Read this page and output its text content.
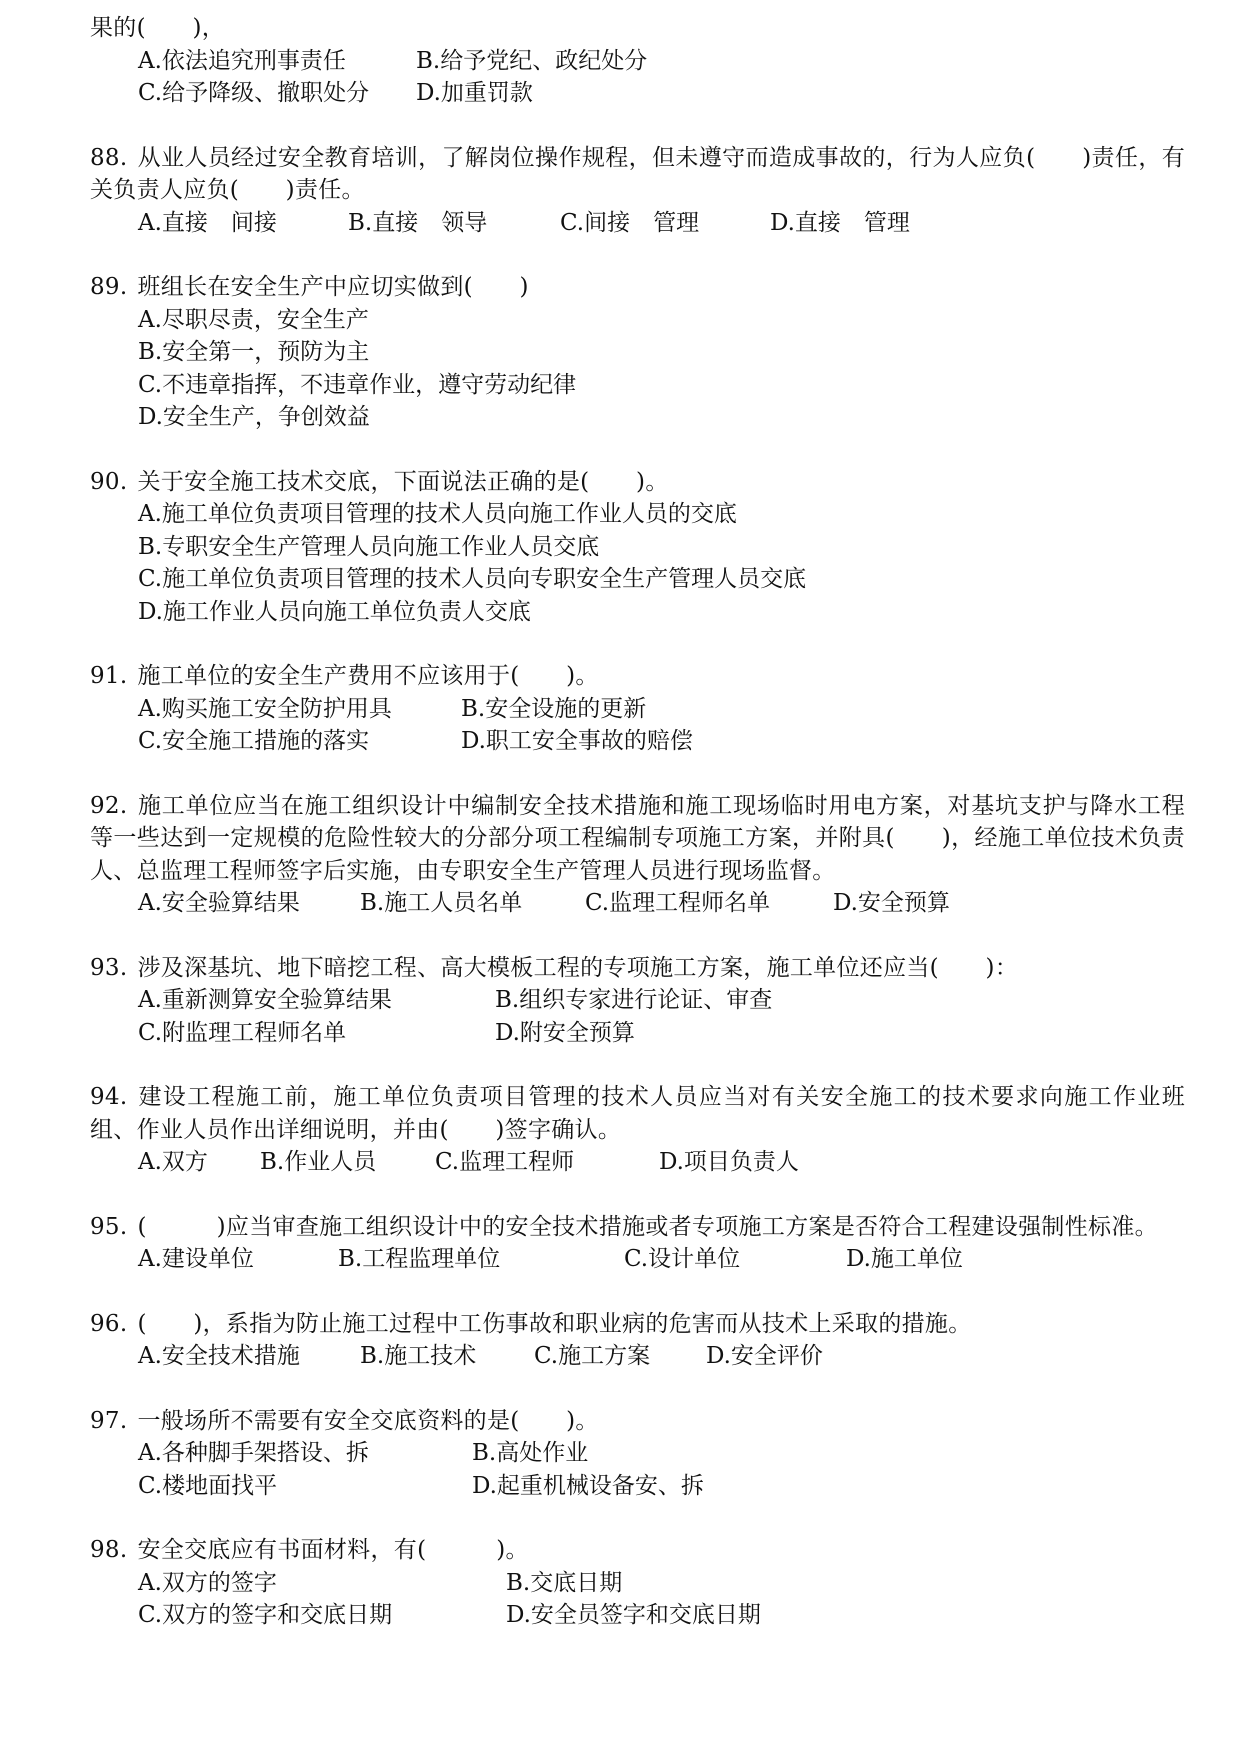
果的(　　)，

A.依法追究刑事责任	B.给予党纪、政纪处分
C.给予降级、撤职处分	D.加重罚款

88. 从业人员经过安全教育培训，了解岗位操作规程，但未遵守而造成事故的，行为人应负(　　)责任，有关负责人应负(　　)责任。

A.直接　间接	B.直接　领导	C.间接　管理	D.直接　管理

89. 班组长在安全生产中应切实做到(　　)

A.尽职尽责，安全生产
B.安全第一，预防为主
C.不违章指挥，不违章作业，遵守劳动纪律
D.安全生产，争创效益

90. 关于安全施工技术交底，下面说法正确的是(　　)。

A.施工单位负责项目管理的技术人员向施工作业人员的交底
B.专职安全生产管理人员向施工作业人员交底
C.施工单位负责项目管理的技术人员向专职安全生产管理人员交底
D.施工作业人员向施工单位负责人交底

91. 施工单位的安全生产费用不应该用于(　　)。

A.购买施工安全防护用具	B.安全设施的更新
C.安全施工措施的落实	D.职工安全事故的赔偿

92. 施工单位应当在施工组织设计中编制安全技术措施和施工现场临时用电方案，对基坑支护与降水工程等一些达到一定规模的危险性较大的分部分项工程编制专项施工方案，并附具(　　)，经施工单位技术负责人、总监理工程师签字后实施，由专职安全生产管理人员进行现场监督。

A.安全验算结果	B.施工人员名单	C.监理工程师名单	D.安全预算

93. 涉及深基坑、地下暗挖工程、高大模板工程的专项施工方案，施工单位还应当(　　)：

A.重新测算安全验算结果	B.组织专家进行论证、审查
C.附监理工程师名单	D.附安全预算

94. 建设工程施工前，施工单位负责项目管理的技术人员应当对有关安全施工的技术要求向施工作业班组、作业人员作出详细说明，并由(　　)签字确认。

A.双方	B.作业人员	C.监理工程师	D.项目负责人

95. (　　　)应当审查施工组织设计中的安全技术措施或者专项施工方案是否符合工程建设强制性标准。

A.建设单位	B.工程监理单位	C.设计单位	D.施工单位

96. (　　)，系指为防止施工过程中工伤事故和职业病的危害而从技术上采取的措施。

A.安全技术措施	B.施工技术	C.施工方案	D.安全评价

97. 一般场所不需要有安全交底资料的是(　　)。

A.各种脚手架搭设、拆	B.高处作业
C.楼地面找平	D.起重机械设备安、拆

98. 安全交底应有书面材料，有(　　　)。

A.双方的签字	B.交底日期
C.双方的签字和交底日期	D.安全员签字和交底日期
